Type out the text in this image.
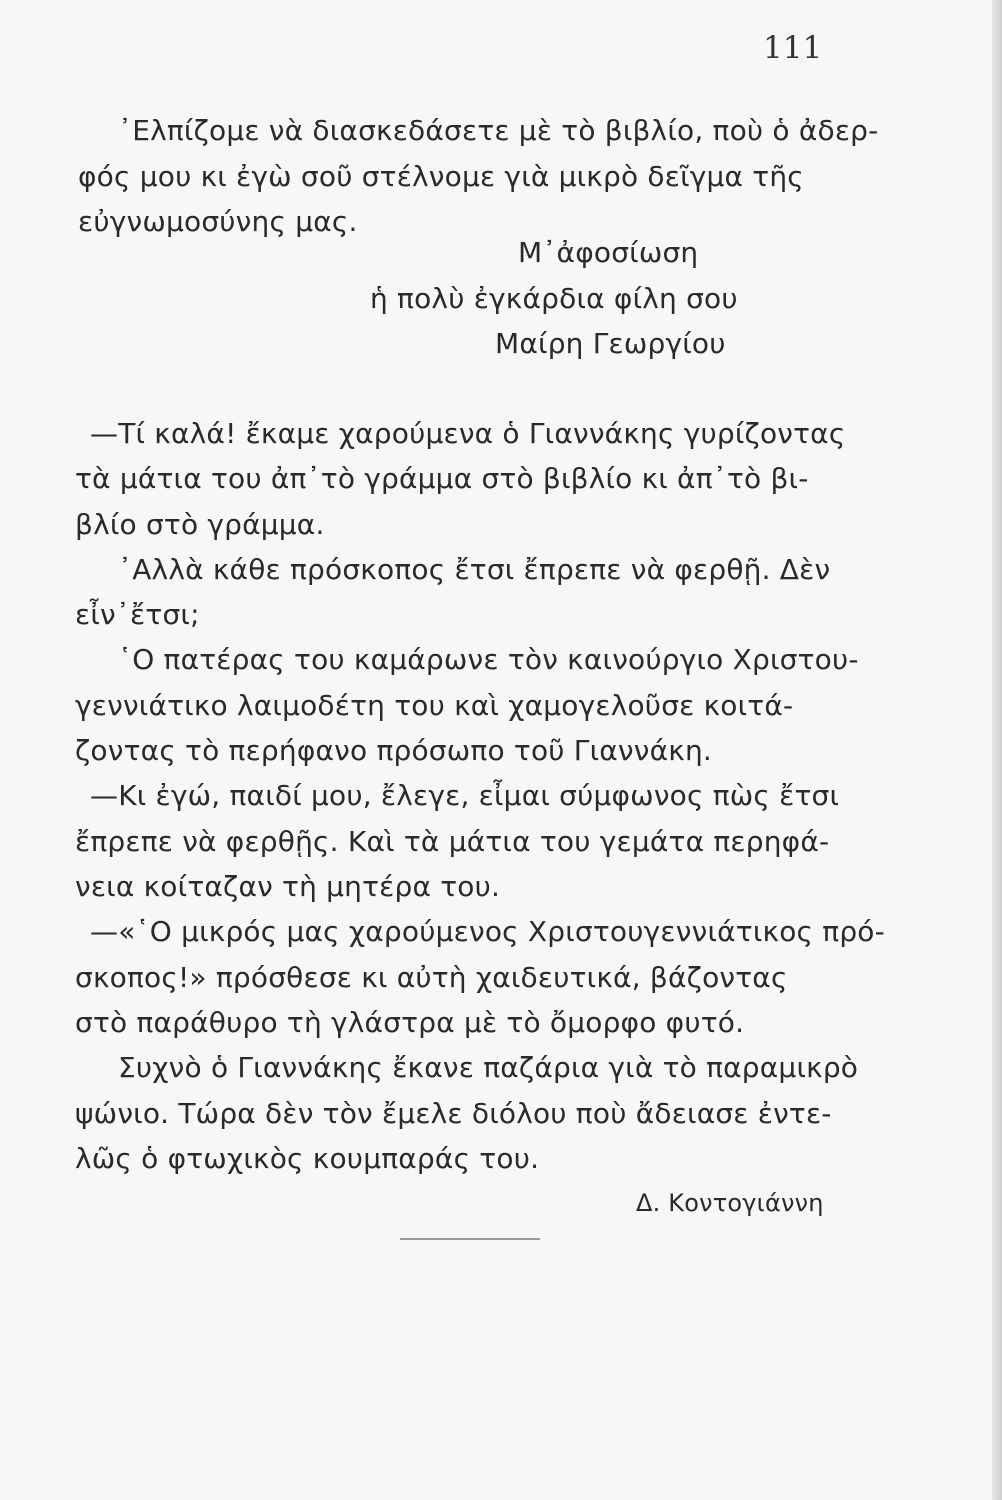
111
᾿Ελπίζομε νὰ διασκεδάσετε μὲ τὸ βιβλίο, ποὺ ὁ ἀδερ-
φός μου κι ἐγὼ σοῦ στέλνομε γιὰ μικρὸ δεῖγμα τῆς
εὐγνωμοσύνης μας.
Μ᾿ἀφοσίωση
ἡ πολὺ ἐγκάρδια φίλη σου
Μαίρη Γεωργίου
—Τί καλά! ἔκαμε χαρούμενα ὁ Γιαννάκης γυρίζοντας
τὰ μάτια του ἀπ᾿τὸ γράμμα στὸ βιβλίο κι ἀπ᾿τὸ βι-
βλίο στὸ γράμμα.
᾿Αλλὰ κάθε πρόσκοπος ἔτσι ἔπρεπε νὰ φερθῇ. Δὲν
εἶν᾿ἔτσι;
῾Ο πατέρας του καμάρωνε τὸν καινούργιο Χριστου-
γεννιάτικο λαιμοδέτη του καὶ χαμογελοῦσε κοιτά-
ζοντας τὸ περήφανο πρόσωπο τοῦ Γιαννάκη.
—Κι ἐγώ, παιδί μου, ἔλεγε, εἶμαι σύμφωνος πὼς ἔτσι
ἔπρεπε νὰ φερθῇς. Καὶ τὰ μάτια του γεμάτα περηφά-
νεια κοίταζαν τὴ μητέρα του.
—«῾Ο μικρός μας χαρούμενος Χριστουγεννιάτικος πρό-
σκοπος!» πρόσθεσε κι αὐτὴ χαιδευτικά, βάζοντας
στὸ παράθυρο τὴ γλάστρα μὲ τὸ ὄμορφο φυτό.
Συχνὸ ὁ Γιαννάκης ἔκανε παζάρια γιὰ τὸ παραμικρὸ
ψώνιο. Τώρα δὲν τὸν ἔμελε διόλου ποὺ ἄδειασε ἐντε-
λῶς ὁ φτωχικὸς κουμπαράς του.
Δ. Κοντογιάννη
